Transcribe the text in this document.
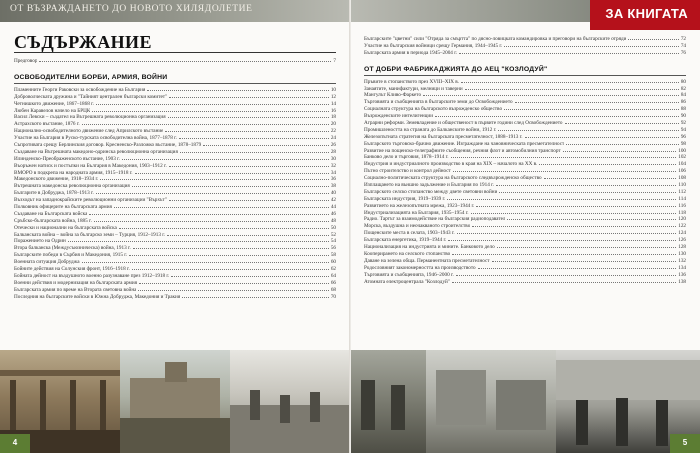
ОТ ВЪЗРАЖДАНЕТО ДО НОВОТО ХИЛЯДОЛЕТИЕ	ЗА КНИГАТА
СЪДЪРЖАНИЕ
Предговор	7
ОСВОБОДИТЕЛНИ БОРБИ, АРМИЯ, ВОЙНИ
Пламенните Георги Раковски за освобождение на България	10
Доброволческата дружина и "Тайният централен български комитет"	12
Четнишкото движение, 1867–1868 г.	14
Любен Каравелов начело на БРЦК	16
Васил Левски – създател на Вътрешната революционна организация	18
Астрахското въстание, 1876 г.	20
Национално-освободителното движение след Априлското въстание	22
Участие на България в Руско-турската освободителна война, 1877–1878 г.	24
Съпротивата срещу Берлинския договор. Кресненско-Разложко въстание, 1878–1879	26
Създаване на Вътрешната македоно-одринска революционна организация	28
Илинденско-Преображенското въстание, 1903 г.	30
Въоръжен натиск и постъпки на България в Македония, 1903–1912 г.	32
ВМОРО в подкрепа на народната армия, 1915–1918 г.	34
Македонското движение, 1918–1934 г.	36
Вътрешната македонска революционна организация	38
Българите в Добруджа, 1878–1913 г.	40
Възходът на западнокрайските революционни организации "Върхът"	42
Полковник офицерите на българската армия	44
Създаване на Българската войска	46
Сръбско-българската война, 1885 г.	48
Отечески и национални на българската войска	50
Балканската война – война за българско земи – Турция, 1912–1913 г.	52
Поражението на Одрин	54
Втора балканска (Междусъюзническа) война, 1913 г.	56
Българските победи в Сърбия и Македония, 1915 г.	58
Военната ситуация Добруджа	60
Бойните действия на Солунския фронт, 1916–1918 г.	62
Бойната дейност на въздушното военно разузнаване през 1912–1918 г.	64
Военни действия и модернизация на българската армия	66
Българската армия по време на Втората световна война	68
Последния на българските войски в Южна Добруджа, Македония и Тракия	70
Българските "цветни" сили "Отряда за смъртта" по дясно-ловицката командировка и преговори на българските отряди	72
Участие на българския войници срещу Германия, 1944–1945 г.	74
Българската армия в периода 1945–2004 г.	76
ОТ ДОБРИ ФАБРИКАДЖИЯТА ДО АЕЦ "КОЗЛОДУЙ"
Пръвите в стопанството през XVIII–XIX в.	80
Занаятите, манифактури, мелници и таверни	82
Мангулът Кливо-Фаркето	84
Търговията и съобщенията в българските земи до Освобождението	86
Социалната структура на българското възрожденско общество	88
Възрожденските интелигенции	90
Аграрни реформи. Земевладение и общественост в първите години след Освобождението	92
Промишлеността на страната до Балканските войни, 1912 г.	94
Железопътната стратегия на българската пресметателност, 1888–1913 г.	96
Българското търговско-брачно движение. Изграждане на чановническата пресметателност	98
Развитие на пощенско-телеграфните съобщения, речния флот и автомобилния транспорт	100
Банково дело и търговия, 1878–1914 г.	102
Индустрия и индустриалното производство в края на XIX – началото на XX в.	104
Пътно строителство и контрол дейност	106
Социално-политическата структура на българското следвъзрожденско общество	108
Изплащането на външно задължение и България по 1914 г.	110
Българското селско стопанство между двете световни войни	112
Българската индустрия, 1919–1939 г.	114
Развитието на железопътната мрежа, 1923–1944 г.	116
Индустриализацията на България, 1935–1954 г.	118
Радио. Тартът за взаимодействие на българския радиоподавател	120
Морска, въздушна и неочакваното строителство	122
Пощенските места в селата, 1903–1943 г.	124
Българската енергетика, 1919–1944 г.	126
Национализация на индустрията и мините. Банковото дело	128
Кооперирането на селското стопанство	130
Даване на зелена обща. Перманентната пресметателност	132
Родословният закономерността на производството	134
Търговията и съобщенията, 1946–2000 г.	136
Атомната електроцентрала "Козлодуй"	138
4	5
